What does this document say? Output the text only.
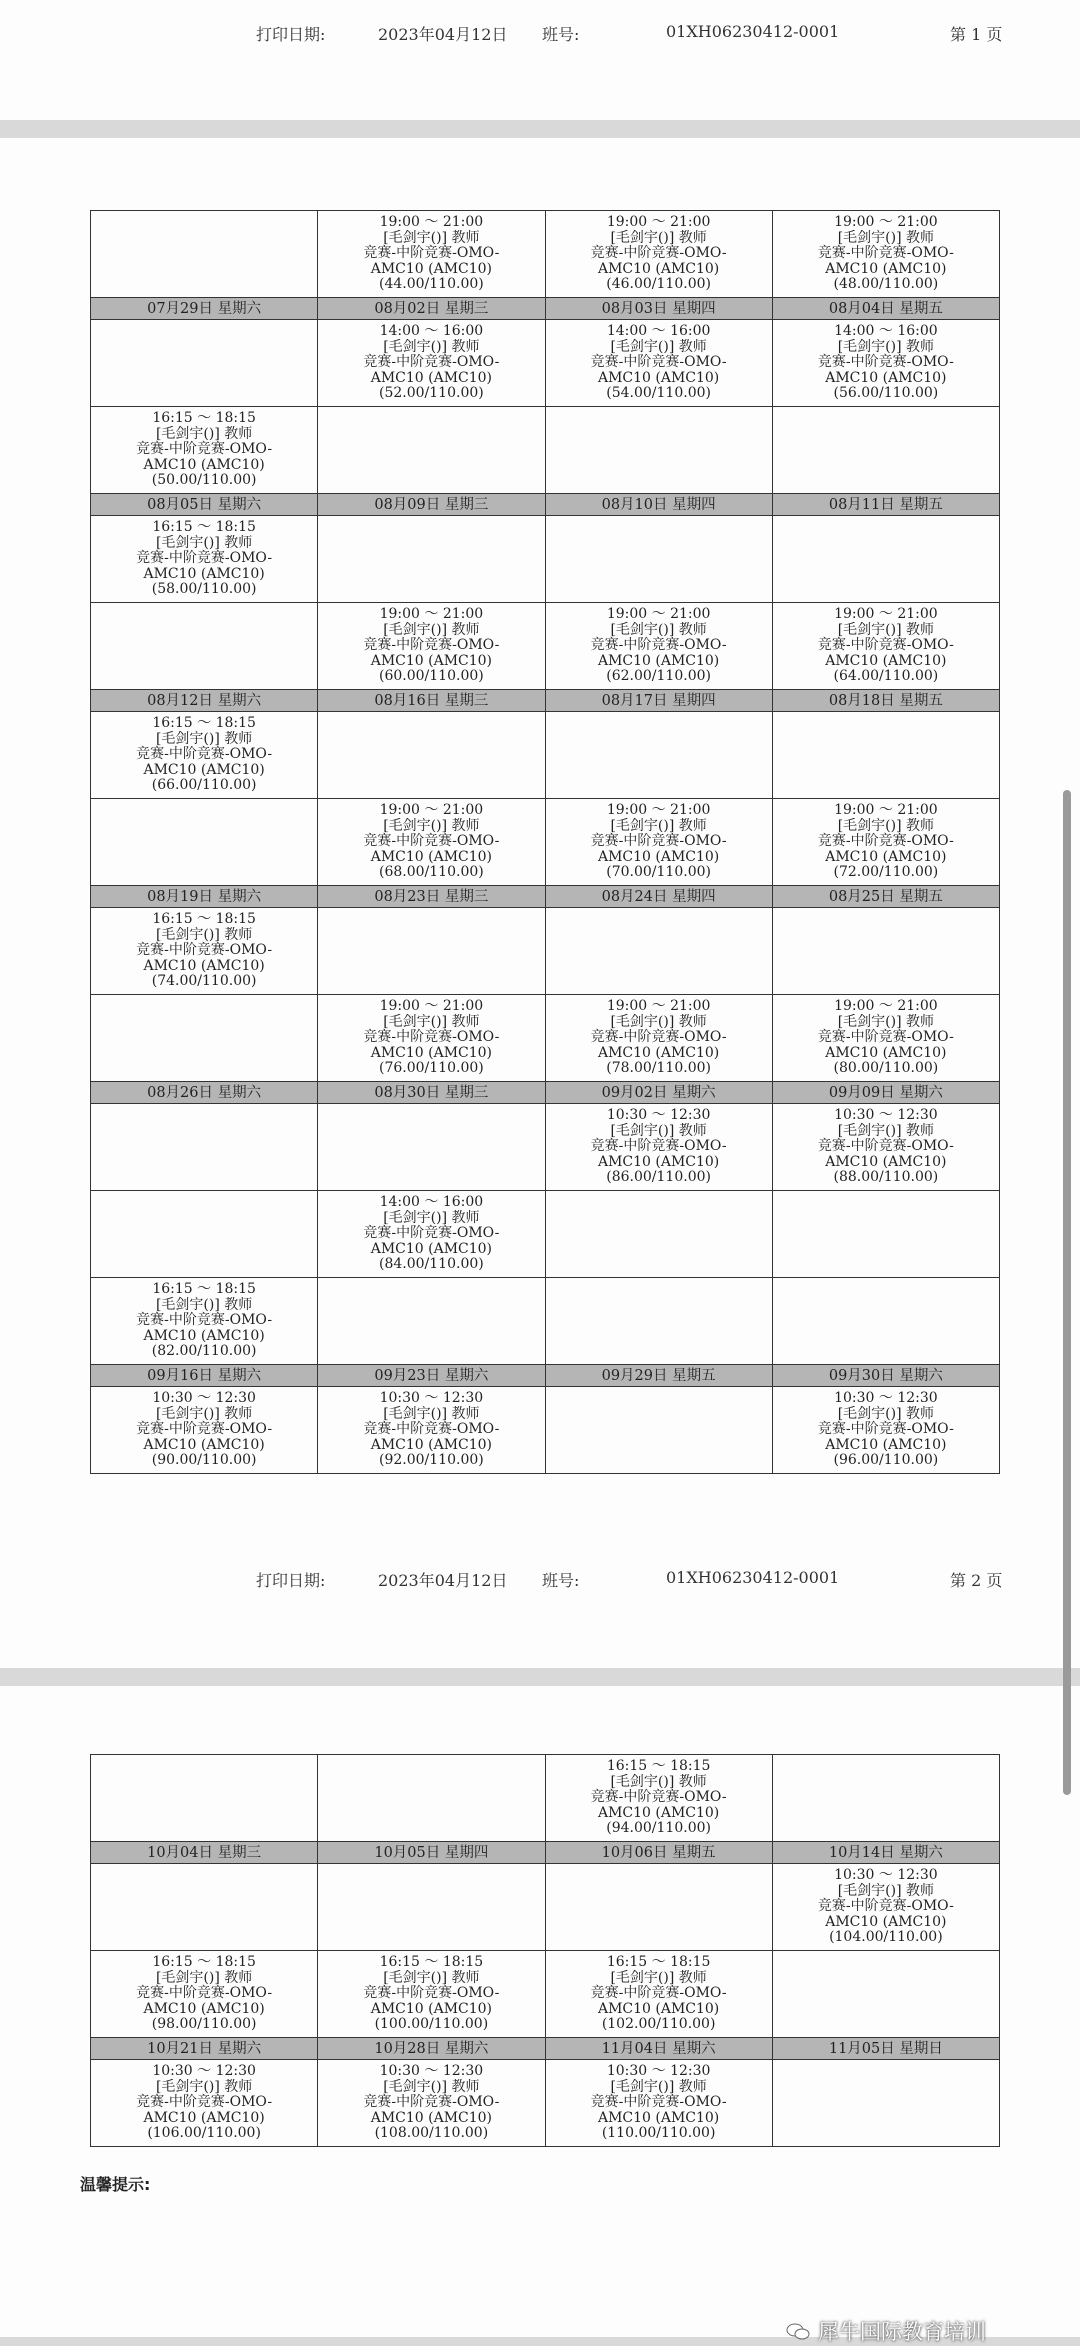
打印日期:	2023年04月12日 班号:	01XH06230412-0001	第 1 页

	19:00 ～ 21:00
[毛剑宇()] 教师
竞赛-中阶竞赛-OMO-
AMC10 (AMC10)
(44.00/110.00)	19:00 ～ 21:00
[毛剑宇()] 教师
竞赛-中阶竞赛-OMO-
AMC10 (AMC10)
(46.00/110.00)	19:00 ～ 21:00
[毛剑宇()] 教师
竞赛-中阶竞赛-OMO-
AMC10 (AMC10)
(48.00/110.00)

07月29日 星期六	08月02日 星期三	08月03日 星期四	08月04日 星期五

	14:00 ～ 16:00
[毛剑宇()] 教师
竞赛-中阶竞赛-OMO-
AMC10 (AMC10)
(52.00/110.00)	14:00 ～ 16:00
[毛剑宇()] 教师
竞赛-中阶竞赛-OMO-
AMC10 (AMC10)
(54.00/110.00)	14:00 ～ 16:00
[毛剑宇()] 教师
竞赛-中阶竞赛-OMO-
AMC10 (AMC10)
(56.00/110.00)

16:15 ～ 18:15
[毛剑宇()] 教师
竞赛-中阶竞赛-OMO-
AMC10 (AMC10)
(50.00/110.00)			

08月05日 星期六	08月09日 星期三	08月10日 星期四	08月11日 星期五

16:15 ～ 18:15
[毛剑宇()] 教师
竞赛-中阶竞赛-OMO-
AMC10 (AMC10)
(58.00/110.00)			

	19:00 ～ 21:00
[毛剑宇()] 教师
竞赛-中阶竞赛-OMO-
AMC10 (AMC10)
(60.00/110.00)	19:00 ～ 21:00
[毛剑宇()] 教师
竞赛-中阶竞赛-OMO-
AMC10 (AMC10)
(62.00/110.00)	19:00 ～ 21:00
[毛剑宇()] 教师
竞赛-中阶竞赛-OMO-
AMC10 (AMC10)
(64.00/110.00)

08月12日 星期六	08月16日 星期三	08月17日 星期四	08月18日 星期五

16:15 ～ 18:15
[毛剑宇()] 教师
竞赛-中阶竞赛-OMO-
AMC10 (AMC10)
(66.00/110.00)			

	19:00 ～ 21:00
[毛剑宇()] 教师
竞赛-中阶竞赛-OMO-
AMC10 (AMC10)
(68.00/110.00)	19:00 ～ 21:00
[毛剑宇()] 教师
竞赛-中阶竞赛-OMO-
AMC10 (AMC10)
(70.00/110.00)	19:00 ～ 21:00
[毛剑宇()] 教师
竞赛-中阶竞赛-OMO-
AMC10 (AMC10)
(72.00/110.00)

08月19日 星期六	08月23日 星期三	08月24日 星期四	08月25日 星期五

16:15 ～ 18:15
[毛剑宇()] 教师
竞赛-中阶竞赛-OMO-
AMC10 (AMC10)
(74.00/110.00)			

	19:00 ～ 21:00
[毛剑宇()] 教师
竞赛-中阶竞赛-OMO-
AMC10 (AMC10)
(76.00/110.00)	19:00 ～ 21:00
[毛剑宇()] 教师
竞赛-中阶竞赛-OMO-
AMC10 (AMC10)
(78.00/110.00)	19:00 ～ 21:00
[毛剑宇()] 教师
竞赛-中阶竞赛-OMO-
AMC10 (AMC10)
(80.00/110.00)

08月26日 星期六	08月30日 星期三	09月02日 星期六	09月09日 星期六

		10:30 ～ 12:30
[毛剑宇()] 教师
竞赛-中阶竞赛-OMO-
AMC10 (AMC10)
(86.00/110.00)	10:30 ～ 12:30
[毛剑宇()] 教师
竞赛-中阶竞赛-OMO-
AMC10 (AMC10)
(88.00/110.00)

	14:00 ～ 16:00
[毛剑宇()] 教师
竞赛-中阶竞赛-OMO-
AMC10 (AMC10)
(84.00/110.00)		

16:15 ～ 18:15
[毛剑宇()] 教师
竞赛-中阶竞赛-OMO-
AMC10 (AMC10)
(82.00/110.00)			

09月16日 星期六	09月23日 星期六	09月29日 星期五	09月30日 星期六

10:30 ～ 12:30
[毛剑宇()] 教师
竞赛-中阶竞赛-OMO-
AMC10 (AMC10)
(90.00/110.00)	10:30 ～ 12:30
[毛剑宇()] 教师
竞赛-中阶竞赛-OMO-
AMC10 (AMC10)
(92.00/110.00)		10:30 ～ 12:30
[毛剑宇()] 教师
竞赛-中阶竞赛-OMO-
AMC10 (AMC10)
(96.00/110.00)
打印日期:	2023年04月12日 班号:	01XH06230412-0001	第 2 页

		16:15 ～ 18:15
[毛剑宇()] 教师
竞赛-中阶竞赛-OMO-
AMC10 (AMC10)
(94.00/110.00)	

10月04日 星期三	10月05日 星期四	10月06日 星期五	10月14日 星期六

			10:30 ～ 12:30
[毛剑宇()] 教师
竞赛-中阶竞赛-OMO-
AMC10 (AMC10)
(104.00/110.00)

16:15 ～ 18:15
[毛剑宇()] 教师
竞赛-中阶竞赛-OMO-
AMC10 (AMC10)
(98.00/110.00)	16:15 ～ 18:15
[毛剑宇()] 教师
竞赛-中阶竞赛-OMO-
AMC10 (AMC10)
(100.00/110.00)	16:15 ～ 18:15
[毛剑宇()] 教师
竞赛-中阶竞赛-OMO-
AMC10 (AMC10)
(102.00/110.00)	

10月21日 星期六	10月28日 星期六	11月04日 星期六	11月05日 星期日

10:30 ～ 12:30
[毛剑宇()] 教师
竞赛-中阶竞赛-OMO-
AMC10 (AMC10)
(106.00/110.00)	10:30 ～ 12:30
[毛剑宇()] 教师
竞赛-中阶竞赛-OMO-
AMC10 (AMC10)
(108.00/110.00)	10:30 ～ 12:30
[毛剑宇()] 教师
竞赛-中阶竞赛-OMO-
AMC10 (AMC10)
(110.00/110.00)	

温馨提示:
犀牛国际教育培训
